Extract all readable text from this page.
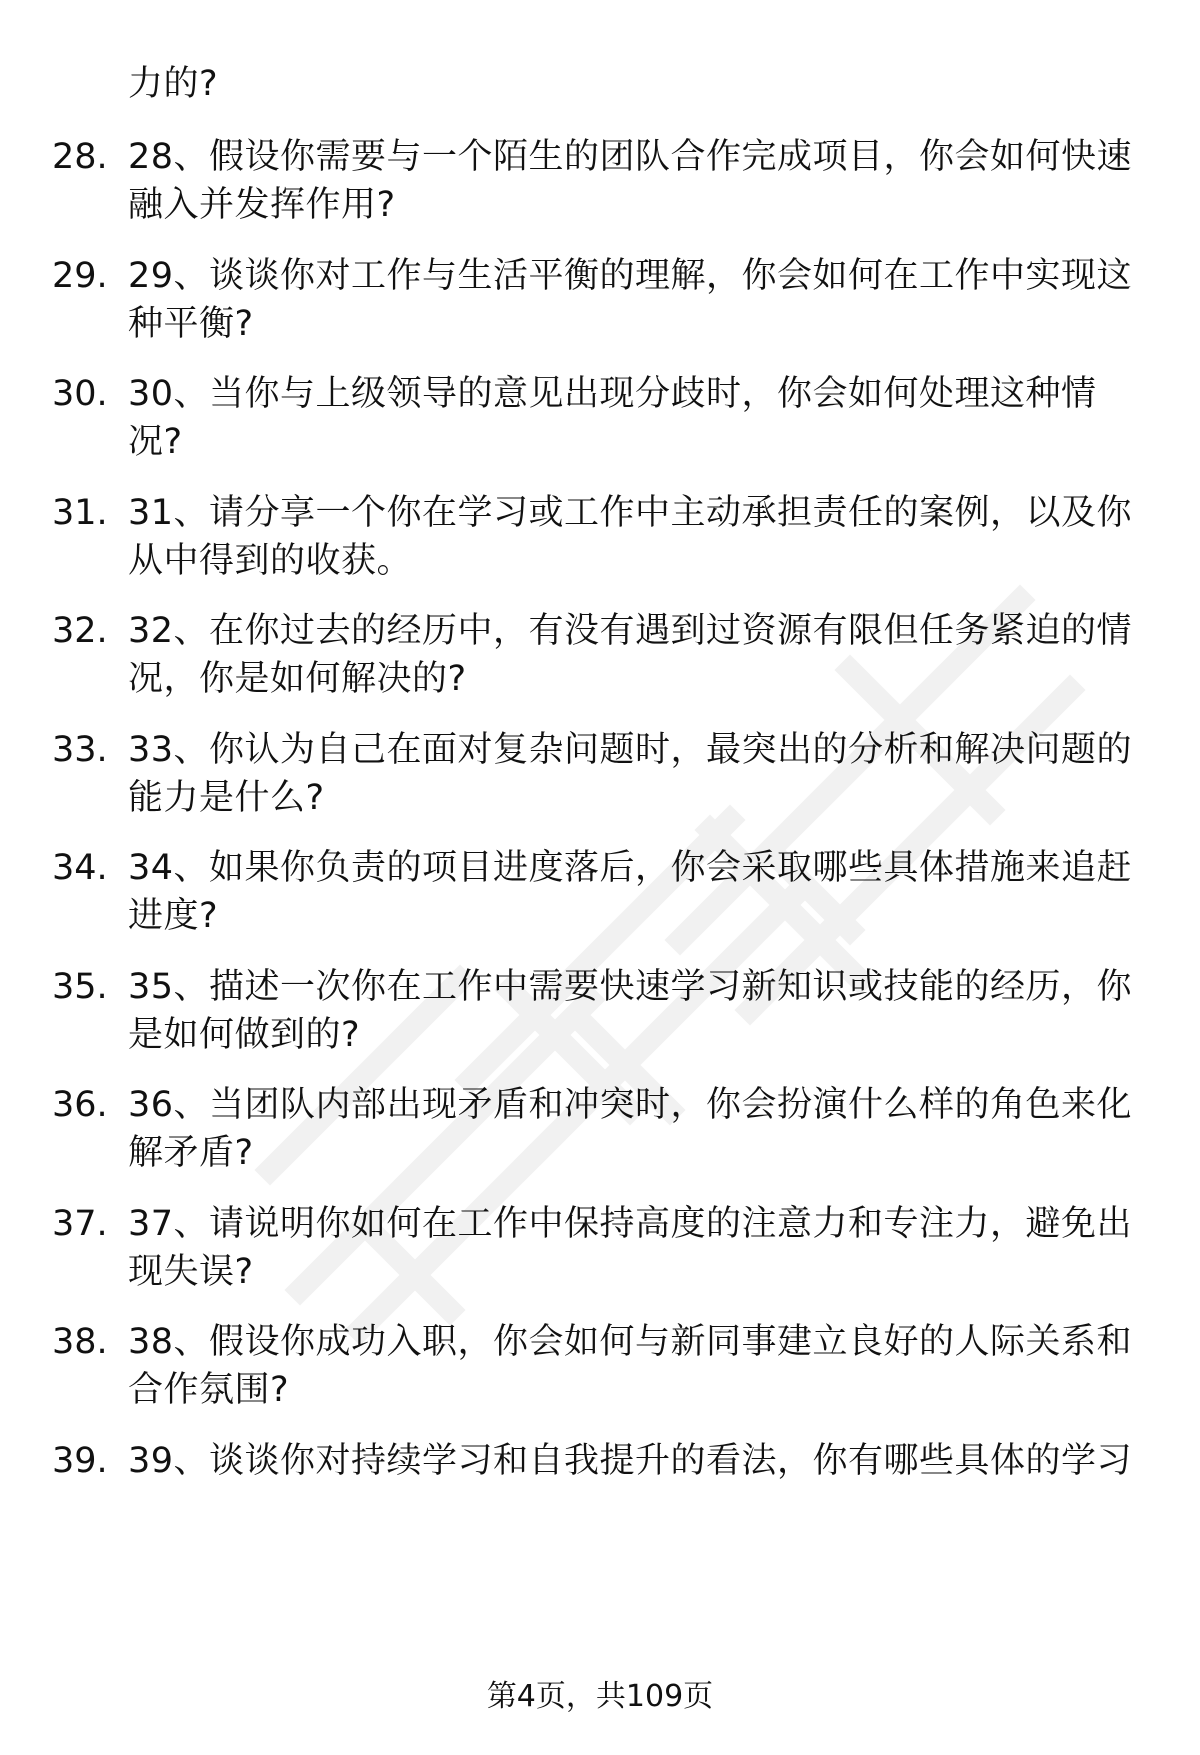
力的?
28. 28、假设你需要与一个陌生的团队合作完成项目，你会如何快速
融入并发挥作用?
29. 29、谈谈你对工作与生活平衡的理解，你会如何在工作中实现这
种平衡?
30. 30、当你与上级领导的意见出现分歧时，你会如何处理这种情
况?
31. 31、请分享一个你在学习或工作中主动承担责任的案例，以及你
从中得到的收获。
32. 32、在你过去的经历中，有没有遇到过资源有限但任务紧迫的情
况，你是如何解决的?
33. 33、你认为自己在面对复杂问题时，最突出的分析和解决问题的
能力是什么?
34. 34、如果你负责的项目进度落后，你会采取哪些具体措施来追赶
进度?
35. 35、描述一次你在工作中需要快速学习新知识或技能的经历，你
是如何做到的?
36. 36、当团队内部出现矛盾和冲突时，你会扮演什么样的角色来化
解矛盾?
37. 37、请说明你如何在工作中保持高度的注意力和专注力，避免出
现失误?
38. 38、假设你成功入职，你会如何与新同事建立良好的人际关系和
合作氛围?
39. 39、谈谈你对持续学习和自我提升的看法，你有哪些具体的学习
第4页，共109页
